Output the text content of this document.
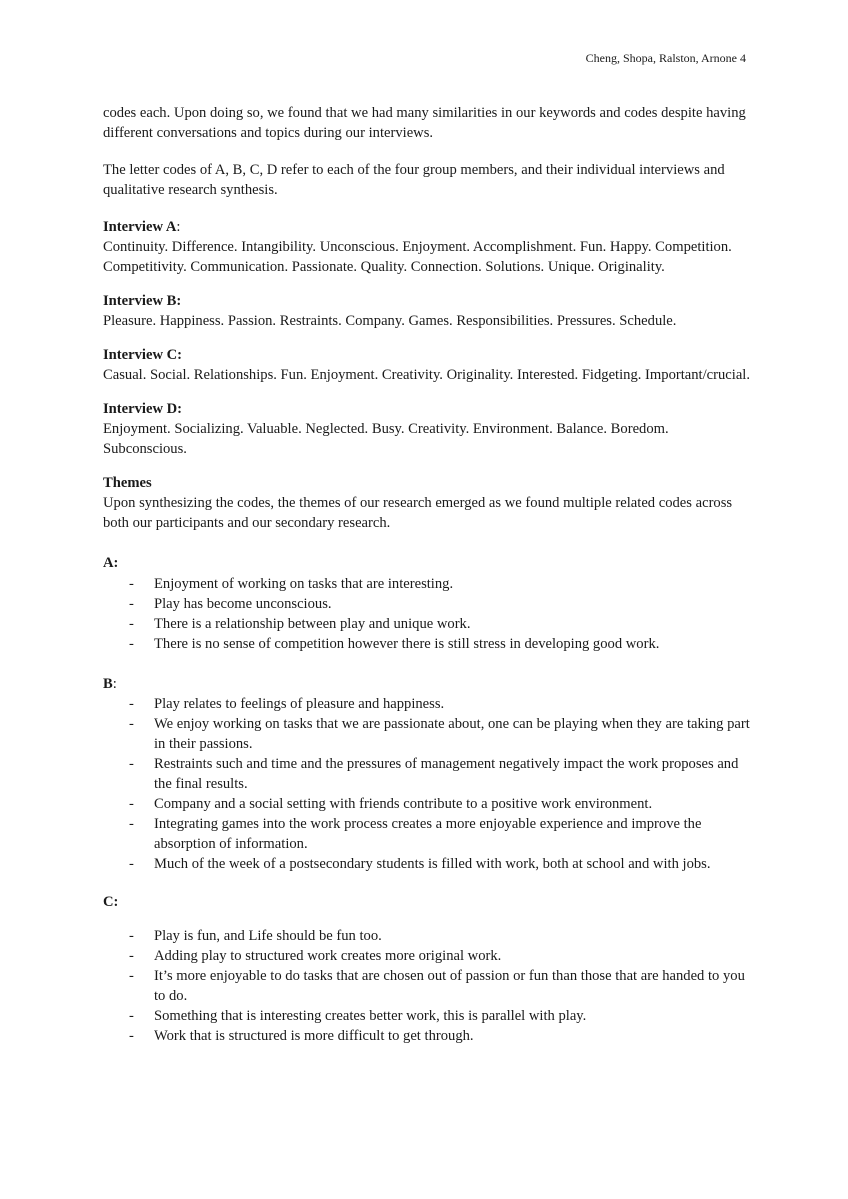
Cheng, Shopa, Ralston, Arnone 4

codes each. Upon doing so, we found that we had many similarities in our keywords and codes despite having different conversations and topics during our interviews.

The letter codes of A, B, C, D refer to each of the four group members, and their individual interviews and qualitative research synthesis.

Interview A:

Continuity. Difference. Intangibility. Unconscious. Enjoyment. Accomplishment. Fun. Happy. Competition. Competitivity. Communication. Passionate. Quality. Connection. Solutions. Unique. Originality.

Interview B:

Pleasure. Happiness. Passion. Restraints. Company. Games. Responsibilities. Pressures. Schedule.

Interview C:

Casual. Social. Relationships. Fun. Enjoyment. Creativity. Originality. Interested. Fidgeting. Important/crucial.

Interview D:

Enjoyment. Socializing. Valuable. Neglected. Busy. Creativity. Environment. Balance. Boredom. Subconscious.

Themes

Upon synthesizing the codes, the themes of our research emerged as we found multiple related codes across both our participants and our secondary research.

A:
- Enjoyment of working on tasks that are interesting.
- Play has become unconscious.
- There is a relationship between play and unique work.
- There is no sense of competition however there is still stress in developing good work.
B:
- Play relates to feelings of pleasure and happiness.
- We enjoy working on tasks that we are passionate about, one can be playing when they are taking part in their passions.
- Restraints such and time and the pressures of management negatively impact the work proposes and the final results.
- Company and a social setting with friends contribute to a positive work environment.
- Integrating games into the work process creates a more enjoyable experience and improve the absorption of information.
- Much of the week of a postsecondary students is filled with work, both at school and with jobs.
C:
- Play is fun, and Life should be fun too.
- Adding play to structured work creates more original work.
- It’s more enjoyable to do tasks that are chosen out of passion or fun than those that are handed to you to do.
- Something that is interesting creates better work, this is parallel with play.
- Work that is structured is more difficult to get through.
